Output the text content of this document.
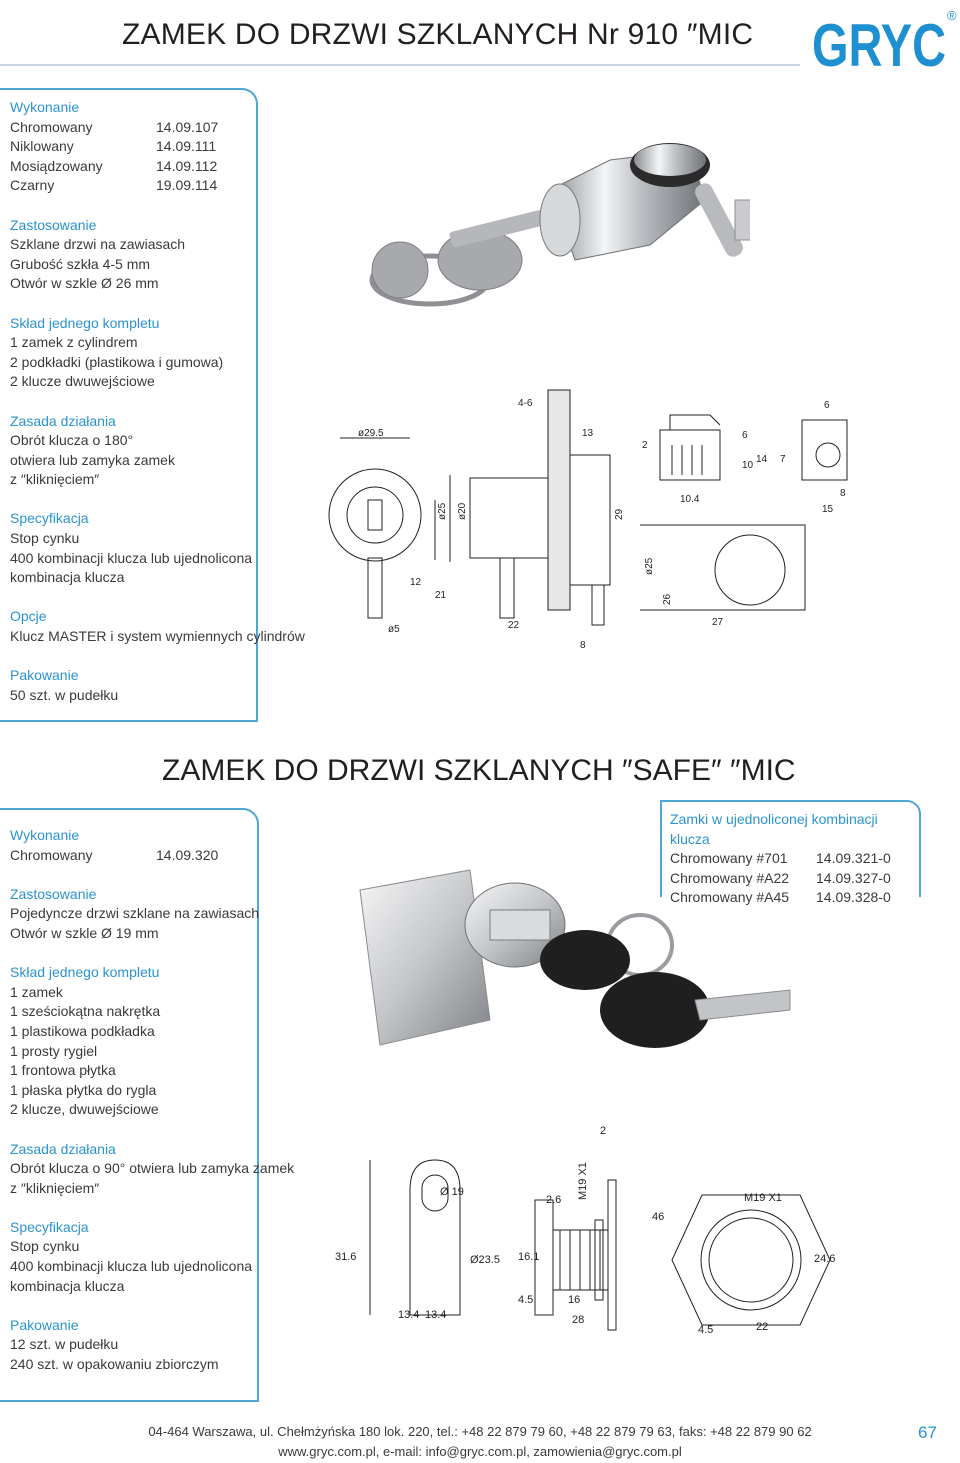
ZAMEK DO DRZWI SZKLANYCH Nr 910 ″MIC GRYC ®
Wykonanie
Chromowany	14.09.107
Niklowany	14.09.111
Mosiądzowany	14.09.112
Czarny	19.09.114
Zastosowanie
Szklane drzwi na zawiasach
Grubość szkła 4-5 mm
Otwór w szkle Ø 26 mm
Skład jednego kompletu
1 zamek z cylindrem
2 podkładki (plastikowa i gumowa)
2 klucze dwuwejściowe
Zasada działania
Obrót klucza o 180°
otwiera lub zamyka zamek
z ″kliknięciem″
Specyfikacja
Stop cynku
400 kombinacji klucza lub ujednolicona
kombinacja klucza
Opcje
Klucz MASTER i system wymiennych cylindrów
Pakowanie
50 szt. w pudełku
ø29.5
ø5
ø25 ø20
12
21
4-6
13
29
22
8
2
6
10
14
10.4
7
6
8
15
ø25
26
27
ZAMEK DO DRZWI SZKLANYCH ″SAFE″ ″MIC
Wykonanie
Chromowany	14.09.320
Zastosowanie
Pojedyncze drzwi szklane na zawiasach
Otwór w szkle Ø 19 mm
Skład jednego kompletu
1 zamek
1 sześciokątna nakrętka
1 plastikowa podkładka
1 prosty rygiel
1 frontowa płytka
1 płaska płytka do rygla
2 klucze, dwuwejściowe
Zasada działania
Obrót klucza o 90° otwiera lub zamyka zamek
z ″kliknięciem″
Specyfikacja
Stop cynku
400 kombinacji klucza lub ujednolicona
kombinacja klucza
Pakowanie
12 szt. w pudełku
240 szt. w opakowaniu zbiorczym
Zamki w ujednoliconej kombinacji klucza
Chromowany #701	14.09.321-0
Chromowany #A22	14.09.327-0
Chromowany #A45	14.09.328-0
Ø 19
31.6
13.4 13.4
Ø23.5 16.1
2.6 M19 X1
2
46
4.5	16
28
M19 X1
24.6
4.5	22
04-464 Warszawa, ul. Chełmżyńska 180 lok. 220, tel.: +48 22 879 79 60, +48 22 879 79 63, faks: +48 22 879 90 62
www.gryc.com.pl, e-mail: info@gryc.com.pl, zamowienia@gryc.com.pl
67
